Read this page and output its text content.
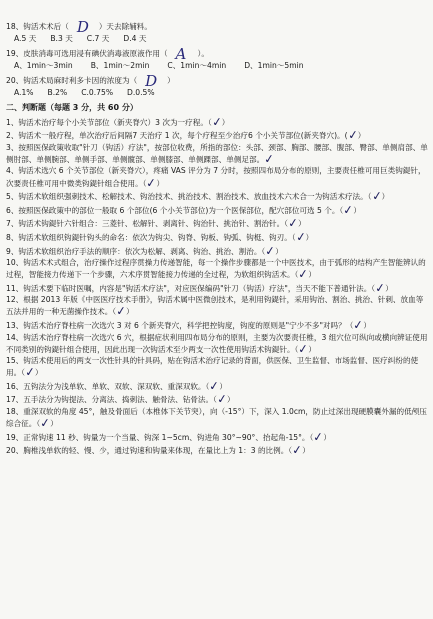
18、钩活术术后（ D ）天去除辅料。

A.5 天 B.3 天 C.7 天 D.4 天

19、皮肤消毒可选用浸有碘伏消毒液原液作用（ A ）。

A、1min～3min B、1min～2min C、1min～4min D、1min～5min

20、钩活术局麻时利多卡因的浓度为（ D ）

A.1% B.2% C.0.75% D.0.5%
二、判断题（每题 3 分，共 60 分）

1、钩活术治疗每个小关节部位（新夹脊穴）3 次为一疗程。（✓）

2、钩活术一般疗程，单次治疗后间隔7 天治疗 1 次，每个疗程至少治疗6 个小关节部位(新夹脊穴)。(✓）

3、按照医保政策收取"针刀（钩活）疗法"，按部位收费，所指的部位：头部、颈部、胸部、腰部、腹部、臀部、单侧肩部、单侧肘部、单侧腕部、单侧手部、单侧髋部、单侧膝部、单侧踝部、单侧足部。✓

4、钩活术选穴 6 个关节部位（新夹脊穴），疼痛 VAS 评分为 7 分时，按照四布局分布的原则，主要责任椎可用巨类钩鍉针，次要责任椎可用中微类钩鍉针组合使用。（✓）

5、钩活术软组织强刺技术、松解技术、钩治技术、挑治技术、割治技术、放血技术六术合一为钩活术疗法。（✓）

6、按照医保政策中的部位一般取 6 个部位(6 个小关节部位)为一个医保部位，配穴部位可选 5 个。（✓）

7、钩活术钩鍉针六针组合：三菱针、松解针、剥离针、钩治针、挑治针、割治针。（✓）

8、钩活术软组织钩鍉针钩头的命名：依次为钩尖、钩脊、钩板、钩弧、钩梃、钩刃。（✓）

9、钩活术软组织治疗手法的顺序：依次为松解、剥离、钩治、挑治、割治。（✓）

10、钩活术术式组合，治疗操作过程序贯操力传递智能，每一个操作步骤都是一个中医技术，由于弧形的结构产生智能辨认的过程，智能接力传递下一个步骤，六术序贯智能接力传递的全过程，为软组织钩活术。（✓）

11、钩活术要下临时医嘱，内容是"钩活术疗法"，对应医保编码"针刀（钩活）疗法"，当天不能下普通针法。（✓）

12、根据 2013 年版《中医医疗技术手册》，钩活术属中医微创技术，是利用钩鍉针，采用钩治、割治、挑治、针刺、放血等五法并用的一种无菌操作技术。（✓）

13、钩活术治疗脊柱病一次选穴 3 对 6 个新夹脊穴，科学把控钩度，钩度的原则是"宁少不多"对吗？（✓）

14、钩活术治疗脊柱病一次选穴 6 穴，根据症状利用四布局分布的原则，主要为次要责任椎，3 组穴位可纵向或横向辨证使用不同类别的钩鍉针组合使用，因此出现一次钩活术至少两支一次性使用钩活术钩鍉针。（✓）

15、钩活术使用后的两支一次性针具的针具码，贴在钩活术治疗记录的背面，供医保、卫生监督、市场监督、医疗纠纷的使用。（✓）

16、五钩法分为浅单软、单软、双软、深双软、重深双软。（✓）

17、五手法分为钩提法、分离法、捣刺法、触骨法、钻骨法。（✓）

18、重深双软的角度 45°，触及骨面后（本椎体下关节突），向（-15°）下，深入 1.0cm，防止过深出现硬膜囊外漏的低颅压综合征。（✓）

19、正常钩速 11 秒、钩量为一个当量、钩深 1~5cm、钩进角 30°~90°、抬起角-15°。（✓）

20、胸椎浅单软的轻、慢、少，通过钩速和钩量来体现，在量比上为 1：3 的比例。（✓）
